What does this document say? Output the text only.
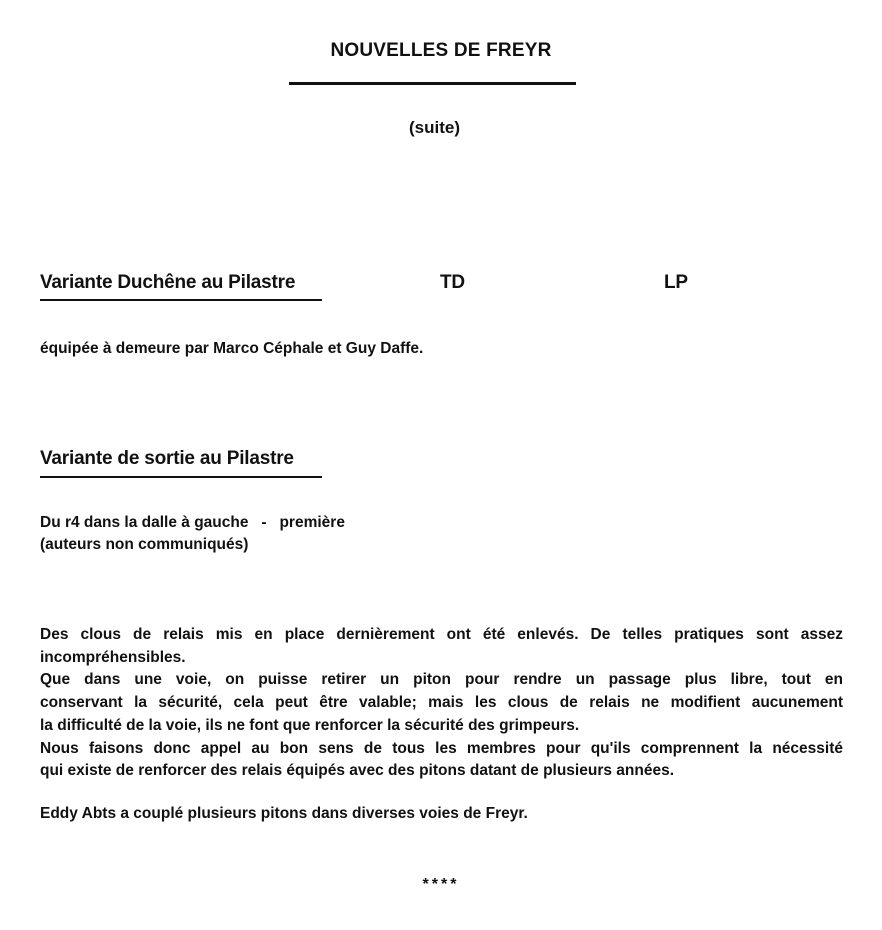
NOUVELLES DE FREYR
(suite)
Variante Duchêne au Pilastre	TD	LP
équipée à demeure par Marco Céphale et Guy Daffe.
Variante de sortie au Pilastre
Du r4 dans la dalle à gauche   -   première
(auteurs non communiqués)
Des clous de relais mis en place dernièrement ont été enlevés. De telles pratiques sont assez
incompréhensibles.
Que dans une voie, on puisse retirer un piton pour rendre un passage plus libre, tout en
conservant la sécurité, cela peut être valable; mais les clous de relais ne modifient aucunement
la difficulté de la voie, ils ne font que renforcer la sécurité des grimpeurs.
Nous faisons donc appel au bon sens de tous les membres pour qu'ils comprennent la nécessité
qui existe de renforcer des relais équipés avec des pitons datant de plusieurs années.
Eddy Abts a couplé plusieurs pitons dans diverses voies de Freyr.
****
